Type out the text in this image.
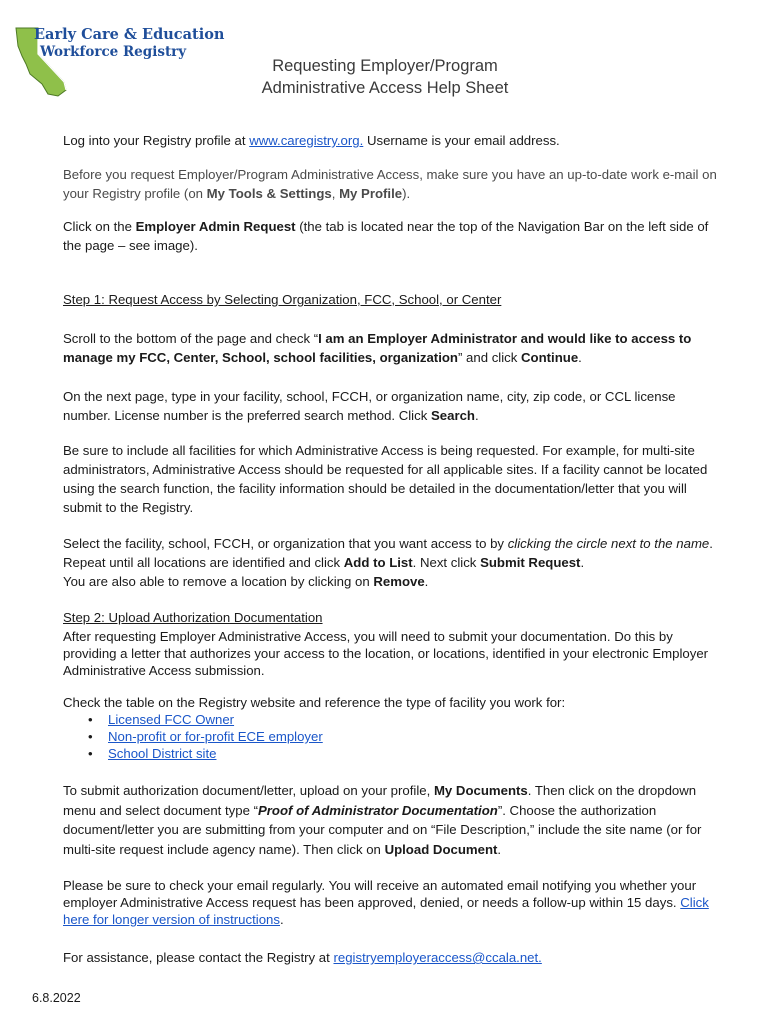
Early Care & Education
Workforce Registry
Requesting Employer/Program
Administrative Access Help Sheet

Log into your Registry profile at www.caregistry.org. Username is your email address.

Before you request Employer/Program Administrative Access, make sure you have an up-to-date work e-mail on your Registry profile (on My Tools & Settings, My Profile).

Click on the Employer Admin Request (the tab is located near the top of the Navigation Bar on the left side of the page – see image).

Step 1: Request Access by Selecting Organization, FCC, School, or Center

Scroll to the bottom of the page and check “I am an Employer Administrator and would like to access to manage my FCC, Center, School, school facilities, organization” and click Continue.

On the next page, type in your facility, school, FCCH, or organization name, city, zip code, or CCL license number. License number is the preferred search method. Click Search.

Be sure to include all facilities for which Administrative Access is being requested. For example, for multi-site administrators, Administrative Access should be requested for all applicable sites. If a facility cannot be located using the search function, the facility information should be detailed in the documentation/letter that you will submit to the Registry.

Select the facility, school, FCCH, or organization that you want access to by clicking the circle next to the name. Repeat until all locations are identified and click Add to List. Next click Submit Request.
You are also able to remove a location by clicking on Remove.

Step 2: Upload Authorization Documentation

After requesting Employer Administrative Access, you will need to submit your documentation. Do this by providing a letter that authorizes your access to the location, or locations, identified in your electronic Employer Administrative Access submission.

Check the table on the Registry website and reference the type of facility you work for:

• Licensed FCC Owner
• Non-profit or for-profit ECE employer
• School District site

To submit authorization document/letter, upload on your profile, My Documents. Then click on the dropdown menu and select document type “Proof of Administrator Documentation”. Choose the authorization document/letter you are submitting from your computer and on “File Description,” include the site name (or for multi-site request include agency name). Then click on Upload Document.

Please be sure to check your email regularly. You will receive an automated email notifying you whether your employer Administrative Access request has been approved, denied, or needs a follow-up within 15 days. Click here for longer version of instructions.

For assistance, please contact the Registry at registryemployeraccess@ccala.net.

6.8.2022
